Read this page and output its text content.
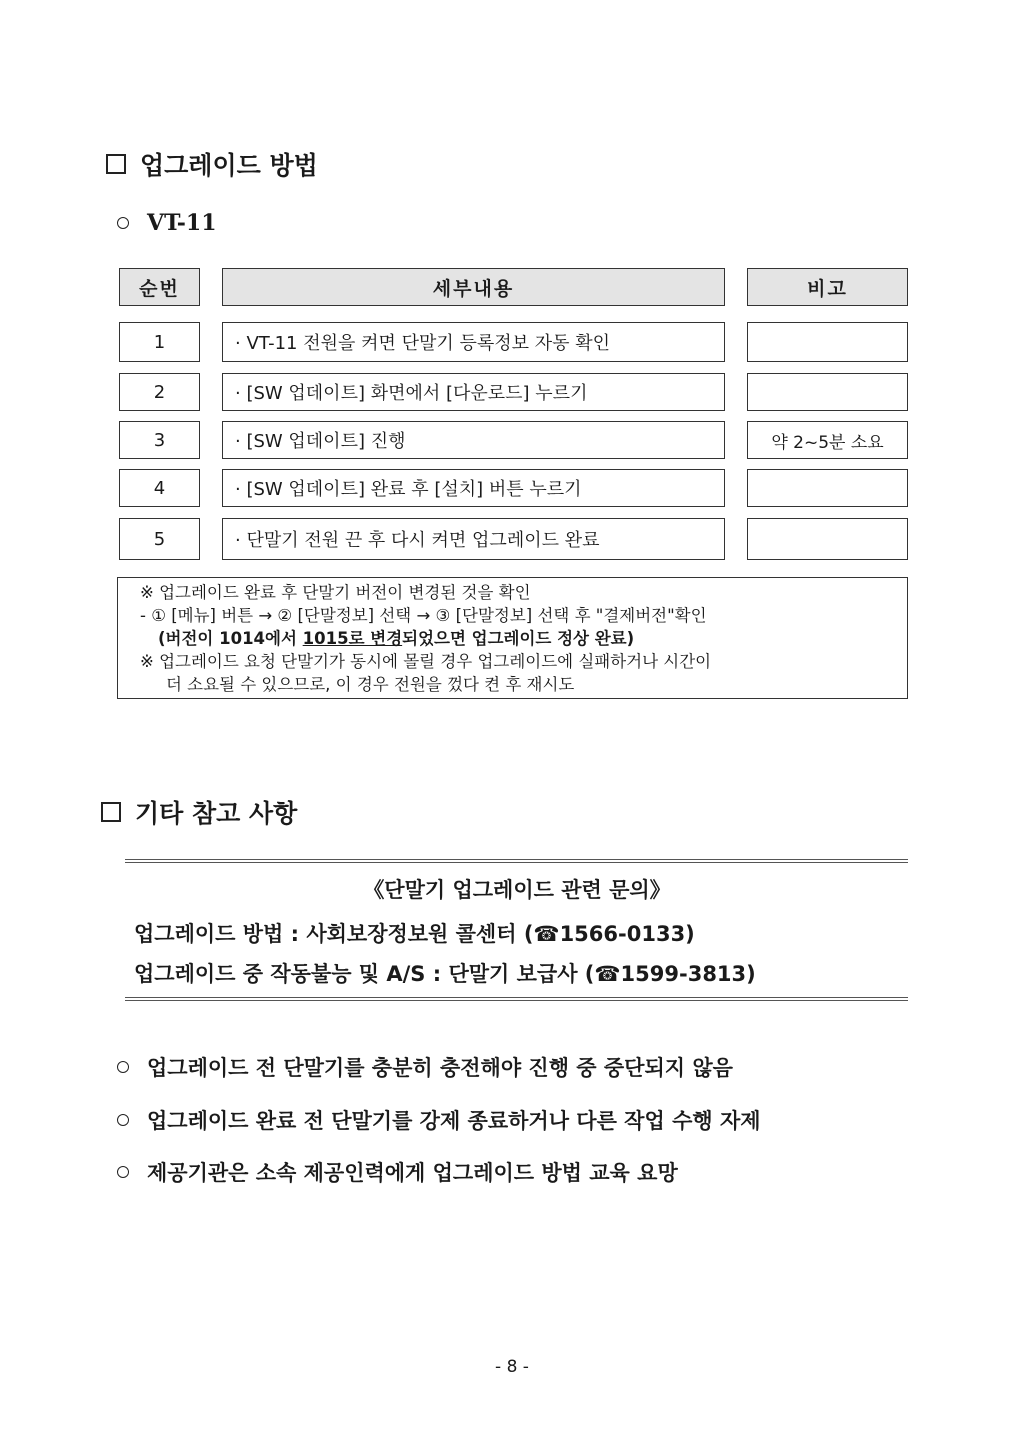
업그레이드 방법
VT-11
순번	세부내용	비고
1	· VT-11 전원을 켜면 단말기 등록정보 자동 확인
2	· [SW 업데이트] 화면에서 [다운로드] 누르기
3	· [SW 업데이트] 진행	약 2~5분 소요
4	· [SW 업데이트] 완료 후 [설치] 버튼 누르기
5	· 단말기 전원 끈 후 다시 켜면 업그레이드 완료
※ 업그레이드 완료 후 단말기 버전이 변경된 것을 확인
- ① [메뉴] 버튼 → ② [단말정보] 선택 → ③ [단말정보] 선택 후 "결제버전"확인
(버전이 1014에서 1015로 변경되었으면 업그레이드 정상 완료)
※ 업그레이드 요청 단말기가 동시에 몰릴 경우 업그레이드에 실패하거나 시간이
더 소요될 수 있으므로, 이 경우 전원을 껐다 켠 후 재시도
기타 참고 사항
《단말기 업그레이드 관련 문의》
업그레이드 방법 : 사회보장정보원 콜센터 (☎1566-0133)
업그레이드 중 작동불능 및 A/S : 단말기 보급사 (☎1599-3813)
업그레이드 전 단말기를 충분히 충전해야 진행 중 중단되지 않음
업그레이드 완료 전 단말기를 강제 종료하거나 다른 작업 수행 자제
제공기관은 소속 제공인력에게 업그레이드 방법 교육 요망
- 8 -
